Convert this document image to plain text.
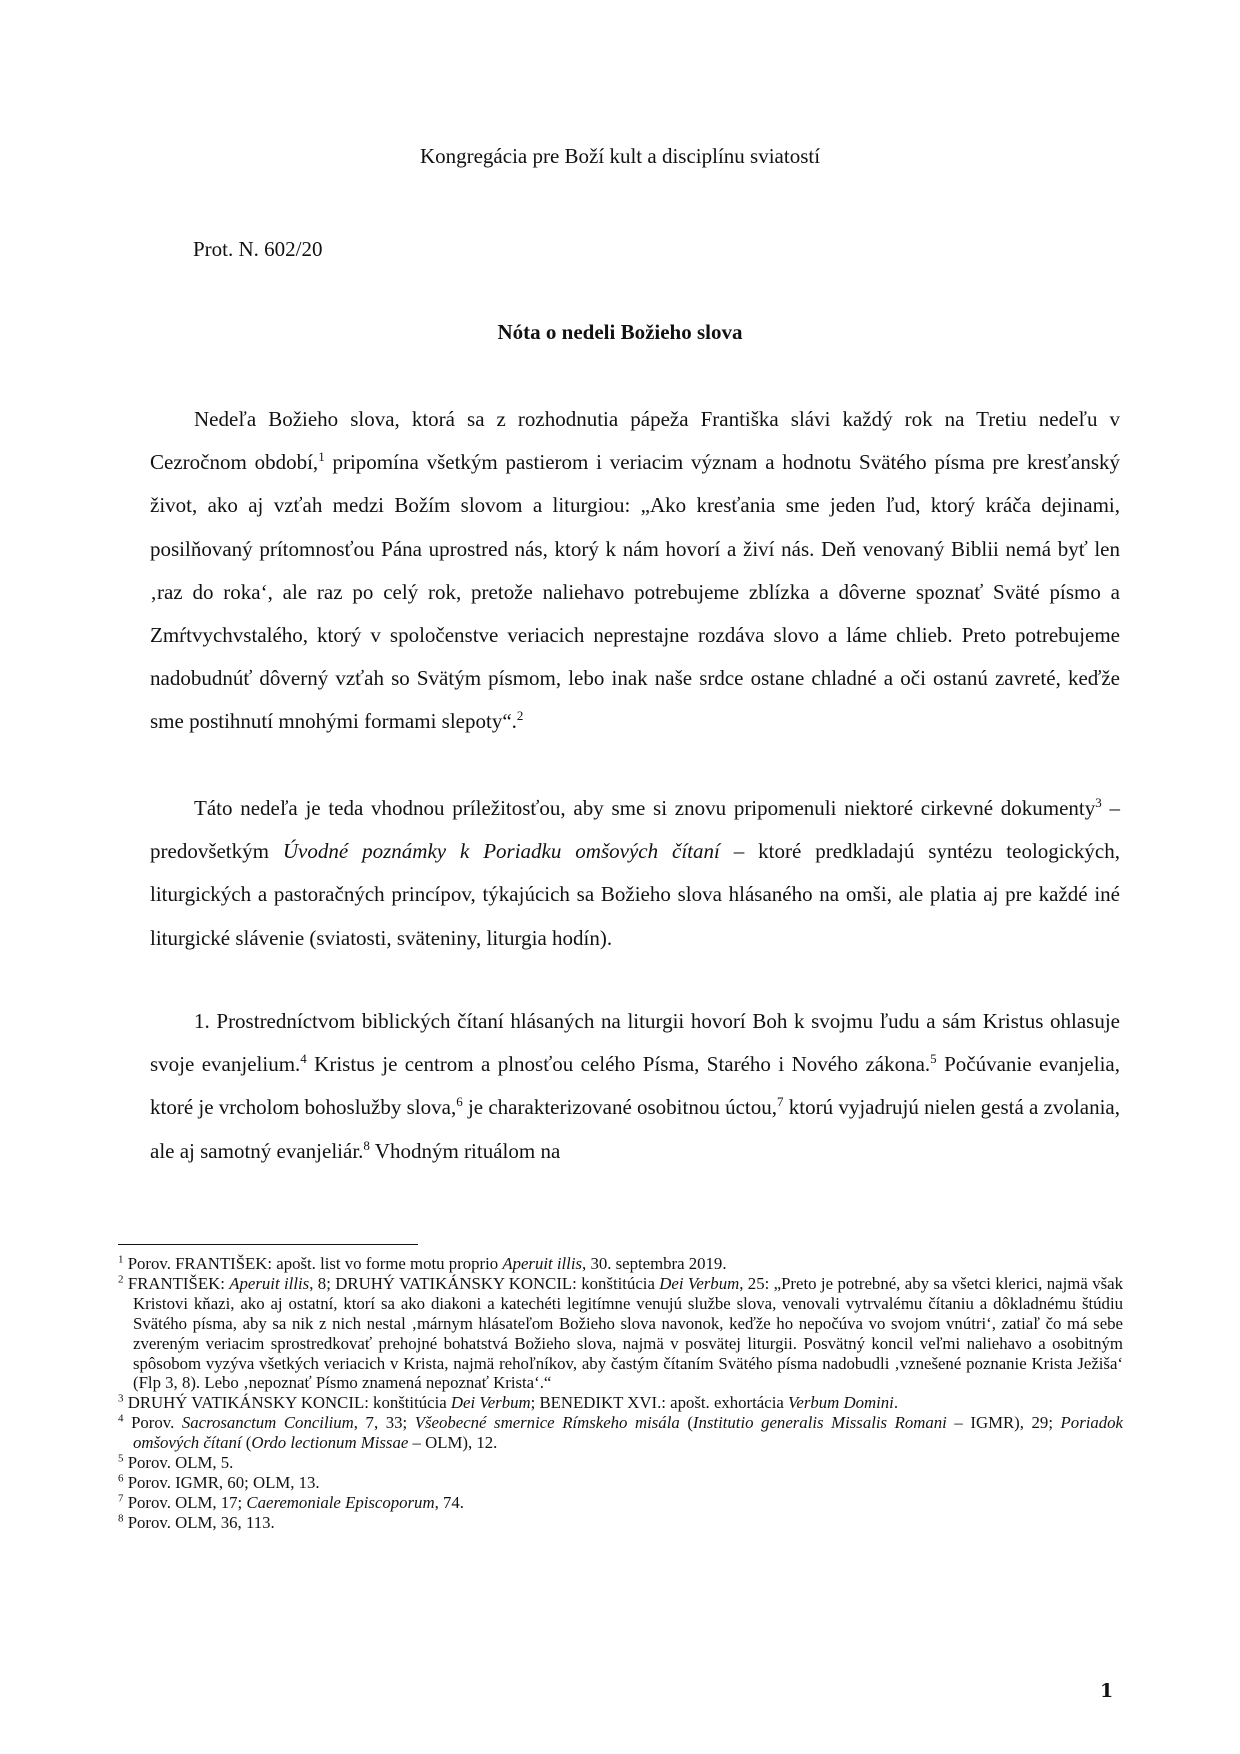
Kongregácia pre Boží kult a disciplínu sviatostí
Prot. N. 602/20
Nóta o nedeli Božieho slova

Nedeľa Božieho slova, ktorá sa z rozhodnutia pápeža Františka slávi každý rok na Tretiu nedeľu v Cezročnom období,$^1$ pripomína všetkým pastierom i veriacim význam a hodnotu Svätého písma pre kresťanský život, ako aj vzťah medzi Božím slovom a liturgiou: „Ako kresťania sme jeden ľud, ktorý kráča dejinami, posilňovaný prítomnosťou Pána uprostred nás, ktorý k nám hovorí a živí nás. Deň venovaný Biblii nemá byť len ‚raz do roka‘, ale raz po celý rok, pretože naliehavo potrebujeme zblízka a dôverne spoznať Sväté písmo a Zmŕtvychvstalého, ktorý v spoločenstve veriacich neprestajne rozdáva slovo a láme chlieb. Preto potrebujeme nadobudnúť dôverný vzťah so Svätým písmom, lebo inak naše srdce ostane chladné a oči ostanú zavreté, keďže sme postihnutí mnohými formami slepoty“.$^2$

Táto nedeľa je teda vhodnou príležitosťou, aby sme si znovu pripomenuli niektoré cirkevné dokumenty$^3$ – predovšetkým Úvodné poznámky k Poriadku omšových čítaní – ktoré predkladajú syntézu teologických, liturgických a pastoračných princípov, týkajúcich sa Božieho slova hlásaného na omši, ale platia aj pre každé iné liturgické slávenie (sviatosti, sväteniny, liturgia hodín).

1. Prostredníctvom biblických čítaní hlásaných na liturgii hovorí Boh k svojmu ľudu a sám Kristus ohlasuje svoje evanjelium.$^4$ Kristus je centrom a plnosťou celého Písma, Starého i Nového zákona.$^5$ Počúvanie evanjelia, ktoré je vrcholom bohoslužby slova,$^6$ je charakterizované osobitnou úctou,$^7$ ktorú vyjadrujú nielen gestá a zvolania, ale aj samotný evanjeliár.$^8$ Vhodným rituálom na

$^1$ Porov. FRANTIŠEK: apošt. list vo forme motu proprio Aperuit illis, 30. septembra 2019.

$^2$ FRANTIŠEK: Aperuit illis, 8; DRUHÝ VATIKÁNSKY KONCIL: konštitúcia Dei Verbum, 25: „Preto je potrebné, aby sa všetci klerici, najmä však Kristovi kňazi, ako aj ostatní, ktorí sa ako diakoni a katechéti legitímne venujú službe slova, venovali vytrvalému čítaniu a dôkladnému štúdiu Svätého písma, aby sa nik z nich nestal ‚márnym hlásateľom Božieho slova navonok, keďže ho nepočúva vo svojom vnútri‘, zatiaľ čo má sebe zvereným veriacim sprostredkovať prehojné bohatstvá Božieho slova, najmä v posvätej liturgii. Posvätný koncil veľmi naliehavo a osobitným spôsobom vyzýva všetkých veriacich v Krista, najmä rehoľníkov, aby častým čítaním Svätého písma nadobudli ‚vznešené poznanie Krista Ježiša‘ (Flp 3, 8). Lebo ‚nepoznať Písmo znamená nepoznať Krista‘.“

$^3$ DRUHÝ VATIKÁNSKY KONCIL: konštitúcia Dei Verbum; BENEDIKT XVI.: apošt. exhortácia Verbum Domini.

$^4$ Porov. Sacrosanctum Concilium, 7, 33; Všeobecné smernice Rímskeho misála (Institutio generalis Missalis Romani – IGMR), 29; Poriadok omšových čítaní (Ordo lectionum Missae – OLM), 12.

$^5$ Porov. OLM, 5.

$^6$ Porov. IGMR, 60; OLM, 13.

$^7$ Porov. OLM, 17; Caeremoniale Episcoporum, 74.

$^8$ Porov. OLM, 36, 113.

1
